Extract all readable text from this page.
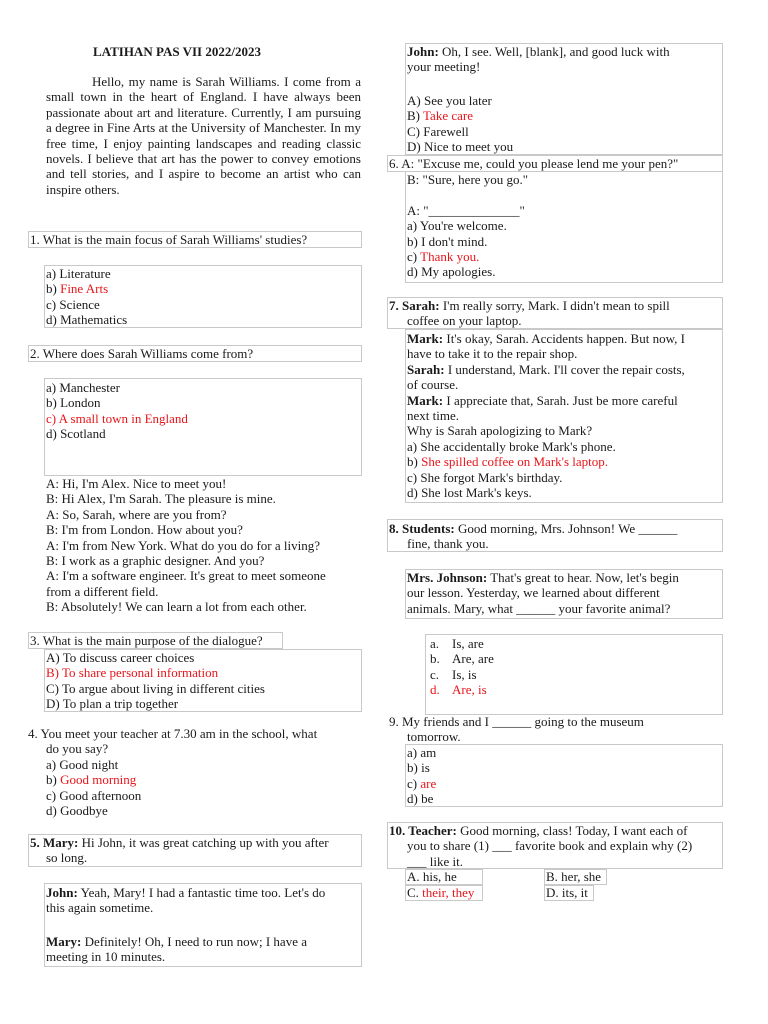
LATIHAN PAS VII 2022/2023
Hello, my name is Sarah Williams. I come from a small town in the heart of England. I have always been passionate about art and literature. Currently, I am pursuing a degree in Fine Arts at the University of Manchester. In my free time, I enjoy painting landscapes and reading classic novels. I believe that art has the power to convey emotions and tell stories, and I aspire to become an artist who can inspire others.
1. What is the main focus of Sarah Williams' studies?
a) Literature
b) Fine Arts
c) Science
d) Mathematics
2. Where does Sarah Williams come from?
a) Manchester
b) London
c) A small town in England
d) Scotland
A: Hi, I'm Alex. Nice to meet you!
B: Hi Alex, I'm Sarah. The pleasure is mine.
A: So, Sarah, where are you from?
B: I'm from London. How about you?
A: I'm from New York. What do you do for a living?
B: I work as a graphic designer. And you?
A: I'm a software engineer. It's great to meet someone
from a different field.
B: Absolutely! We can learn a lot from each other.
3. What is the main purpose of the dialogue?
A) To discuss career choices
B) To share personal information
C) To argue about living in different cities
D) To plan a trip together
4. You meet your teacher at 7.30 am in the school, what
do you say?
a) Good night
b) Good morning
c) Good afternoon
d) Goodbye
5. Mary: Hi John, it was great catching up with you after
so long.
John: Yeah, Mary! I had a fantastic time too. Let's do
this again sometime.
Mary: Definitely! Oh, I need to run now; I have a
meeting in 10 minutes.
John: Oh, I see. Well, [blank], and good luck with
your meeting!
A) See you later
B) Take care
C) Farewell
D) Nice to meet you
6. A: "Excuse me, could you please lend me your pen?"
B: "Sure, here you go."
A: "______________"
a) You're welcome.
b) I don't mind.
c) Thank you.
d) My apologies.
7. Sarah: I'm really sorry, Mark. I didn't mean to spill
coffee on your laptop.
Mark: It's okay, Sarah. Accidents happen. But now, I
have to take it to the repair shop.
Sarah: I understand, Mark. I'll cover the repair costs,
of course.
Mark: I appreciate that, Sarah. Just be more careful
next time.
Why is Sarah apologizing to Mark?
a) She accidentally broke Mark's phone.
b) She spilled coffee on Mark's laptop.
c) She forgot Mark's birthday.
d) She lost Mark's keys.
8. Students: Good morning, Mrs. Johnson! We ______
fine, thank you.
Mrs. Johnson: That's great to hear. Now, let's begin
our lesson. Yesterday, we learned about different
animals. Mary, what ______ your favorite animal?
a. Is, are
b. Are, are
c. Is, is
d. Are, is
9. My friends and I ______ going to the museum
tomorrow.
a) am
b) is
c) are
d) be
10. Teacher: Good morning, class! Today, I want each of
you to share (1) ___ favorite book and explain why (2)
___ like it.
A. his, he
C. their, they
B. her, she
D. its, it
